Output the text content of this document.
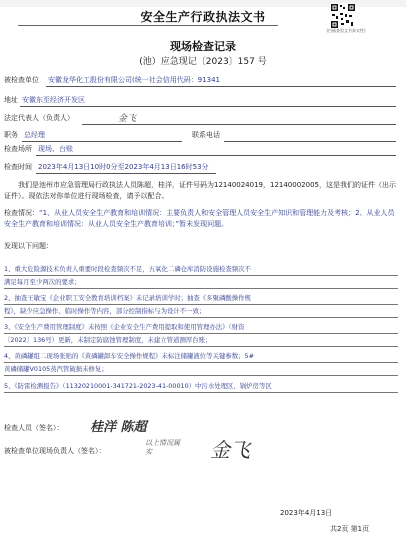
安全生产行政执法文书
(扫描查验文书真实性)
现场检查记录
(池）应急现记〔2023〕157 号
被检查单位 安徽龙华化工股份有限公司(统一社会信用代码：91341
地址 安徽东至经济开发区
法定代表人（负责人）	金飞
职务 总经理	联系电话
检查场所 现场、台账
检查时间 2023年4月13日10时0分至2023年4月13日16时53分
我们是池州市应急管理局行政执法人员陈超，桂洋，证件号码为12140024019，12140002005，这是我们的证件（出示证件）。现依法对你单位进行现场检查，请予以配合。
检查情况：“1、从业人员安全生产教育和培训情况：主要负责人和安全管理人员安全生产知识和管理能力及考核；2、从业人员安全生产教育和培训情况：从业人员安全生产教育培训；”暂未发现问题。
发现以下问题：
1、重大危险源技术负责人重要时段检查频次不足，五氧化二磷仓库消防设施检查频次不
满足每月至少两次的要求；
2、抽查王敏宝《企业职工安全教育培训档案》未记录培训学时；抽查《多聚磷酸操作规
程》，缺少应急操作、临时操作等内容，部分控制指标与为设计不一致；
3、《安全生产费用管理制度》未按照《企业安全生产费用提取和使用管理办法》（财资
〔2022〕136号）更新，未制定防腐蚀管理制度，未建立管道测厚台账；
4、黄磷罐组二现场张贴的《黄磷罐卸车安全操作规程》未标注储罐液位等关键参数；5#
黄磷储罐V0105蒸汽管破损未修复；
5、《防雷检测报告》（11320210001-341721-2023-41-00010）中污水处理区、锅炉房等区
检查人员（签名）： 桂洋 陈超
被检查单位现场负责人（签名）：
以上情况属实	金飞
2023年4月13日
共2页 第1页
